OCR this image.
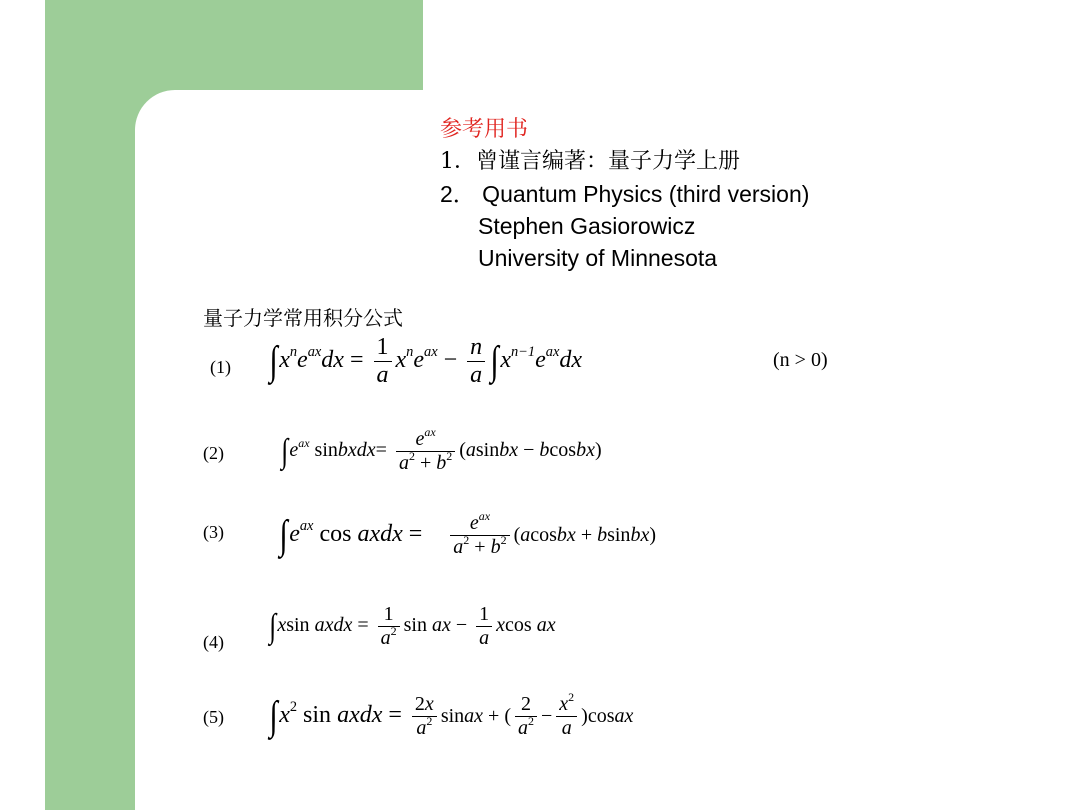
参考用书
1．曾谨言编著：量子力学上册
2． Quantum Physics (third version)
Stephen Gasiorowicz
University of Minnesota
量子力学常用积分公式
(1) $\int x^ne^{ax}dx = \frac{1}{a} x^ne^{ax} - \frac{n}{a} \int x^{n-1}e^{ax}dx$	(n > 0)
(2) $\int e^{ax}$ sinbxdx= $\frac{e^{ax}}{a^2 + b^2}$ (asinbx − bcosbx)
(3) $\int e^{ax}$ cos axdx = $\frac{e^{ax}}{a^2 + b^2}$ (acosbx + bsinbx)
(4) ∫xsin axdx = $\frac{1}{a^2}$ sin ax − $\frac{1}{a}$ xcos ax
(5) $\int x^2$ sin axdx = $\frac{2x}{a^2}$ sinax + ( $\frac{2}{a^2} - \frac{x^2}{a}$ )cosax
